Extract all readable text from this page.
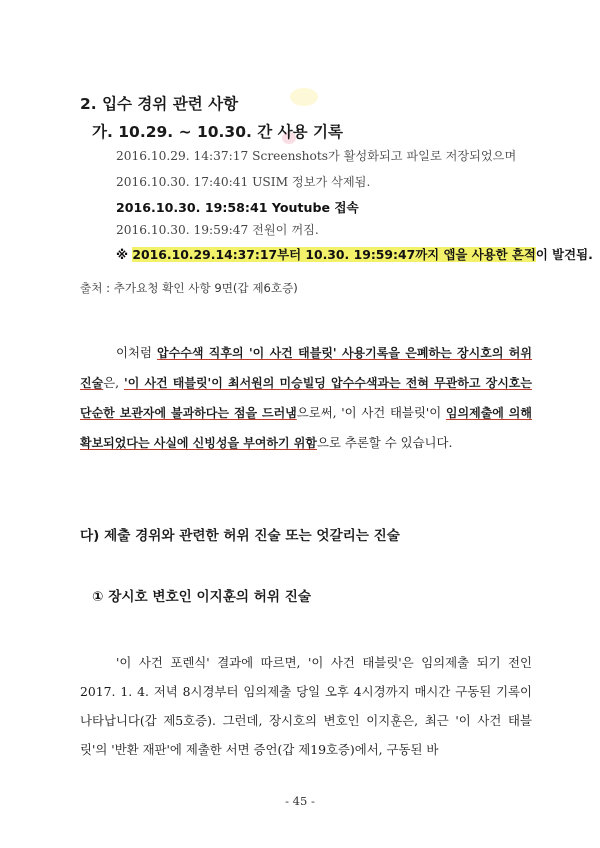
2. 입수 경위 관련 사항
가. 10.29. ~ 10.30. 간 사용 기록
2016.10.29. 14:37:17 Screenshots가 활성화되고 파일로 저장되었으며
2016.10.30. 17:40:41 USIM 정보가 삭제됨.
2016.10.30. 19:58:41 Youtube 접속
2016.10.30. 19:59:47 전원이 꺼짐.
※ 2016.10.29.14:37:17부터 10.30. 19:59:47까지 앱을 사용한 흔적이 발견됨.
출처 : 추가요청 확인 사항 9면(갑 제6호증)
이처럼 압수수색 직후의 '이 사건 태블릿' 사용기록을 은폐하는 장시호의 허위 진술은, '이 사건 태블릿'이 최서원의 미승빌딩 압수수색과는 전혀 무관하고 장시호는 단순한 보관자에 불과하다는 점을 드러냄으로써, '이 사건 태블릿'이 임의제출에 의해 확보되었다는 사실에 신빙성을 부여하기 위함으로 추론할 수 있습니다.
다) 제출 경위와 관련한 허위 진술 또는 엇갈리는 진술
① 장시호 변호인 이지훈의 허위 진술
'이 사건 포렌식' 결과에 따르면, '이 사건 태블릿'은 임의제출 되기 전인 2017. 1. 4. 저녁 8시경부터 임의제출 당일 오후 4시경까지 매시간 구동된 기록이 나타납니다(갑 제5호증). 그런데, 장시호의 변호인 이지훈은, 최근 '이 사건 태블릿'의 '반환 재판'에 제출한 서면 증언(갑 제19호증)에서, 구동된 바
- 45 -
